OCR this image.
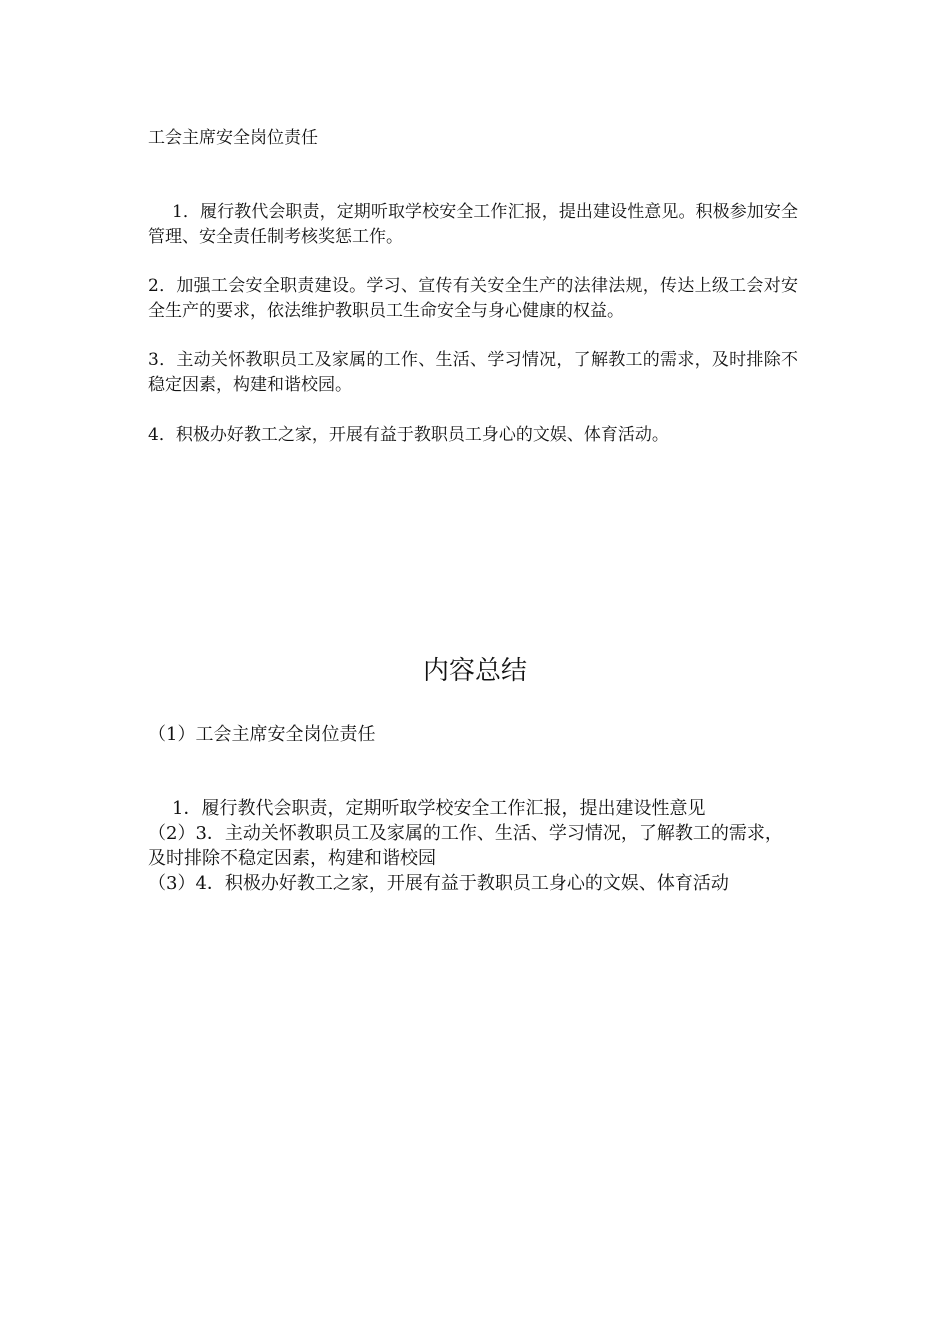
工会主席安全岗位责任

1．履行教代会职责，定期听取学校安全工作汇报，提出建设性意见。积极参加安全管理、安全责任制考核奖惩工作。

2．加强工会安全职责建设。学习、宣传有关安全生产的法律法规，传达上级工会对安全生产的要求，依法维护教职员工生命安全与身心健康的权益。

3．主动关怀教职员工及家属的工作、生活、学习情况，了解教工的需求，及时排除不稳定因素，构建和谐校园。

4．积极办好教工之家，开展有益于教职员工身心的文娱、体育活动。

内容总结

（1）工会主席安全岗位责任

1．履行教代会职责，定期听取学校安全工作汇报，提出建设性意见
（2）3．主动关怀教职员工及家属的工作、生活、学习情况，了解教工的需求，及时排除不稳定因素，构建和谐校园
（3）4．积极办好教工之家，开展有益于教职员工身心的文娱、体育活动
